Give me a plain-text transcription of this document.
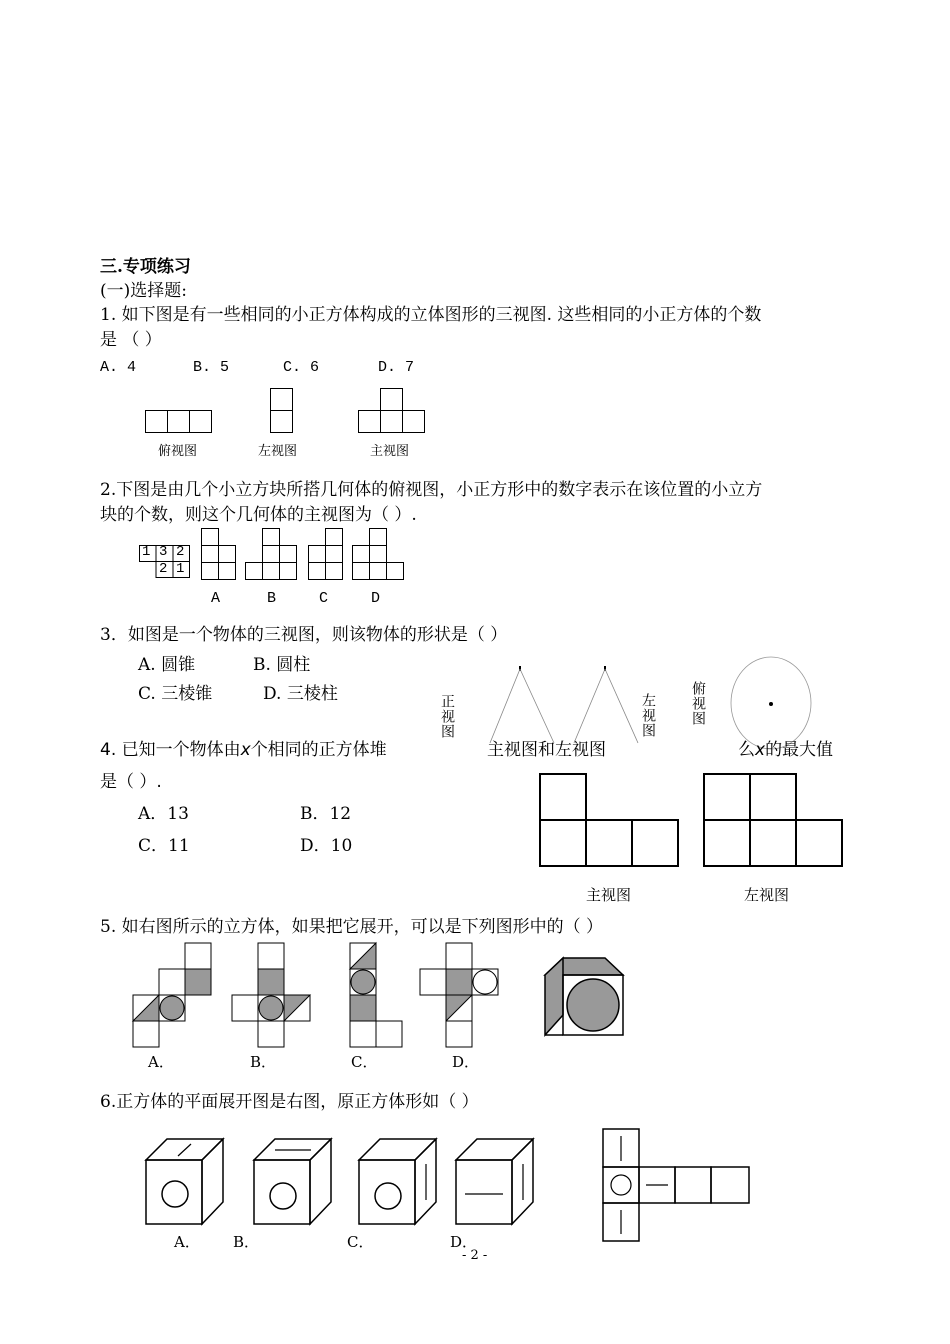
三.专项练习
(一)选择题:
1. 如下图是有一些相同的小正方体构成的立体图形的三视图. 这些相同的小正方体的个数
是 （ ）
A. 4	B. 5	C. 6	D. 7
俯视图	左视图	主视图
2.下图是由几个小立方块所搭几何体的俯视图，小正方形中的数字表示在该位置的小立方
块的个数，则这个几何体的主视图为（ ）.
1 3 2
2 1
A	B	C	D
3．如图是一个物体的三视图，则该物体的形状是（ ）
A. 圆锥	B. 圆柱
C. 三棱锥	D. 三棱柱	正视图	左视图 俯视图
4. 已知一个物体由x个相同的正方体堆	主视图和左视图	么x的最大值
是（ ）.
A．13	B．12
C．11	D．10
主视图	左视图
5. 如右图所示的立方体，如果把它展开，可以是下列图形中的（ ）
A．	B．	C．	D．
6.正方体的平面展开图是右图，原正方体形如（ ）
A． B．	C．	D．
- 2 -
